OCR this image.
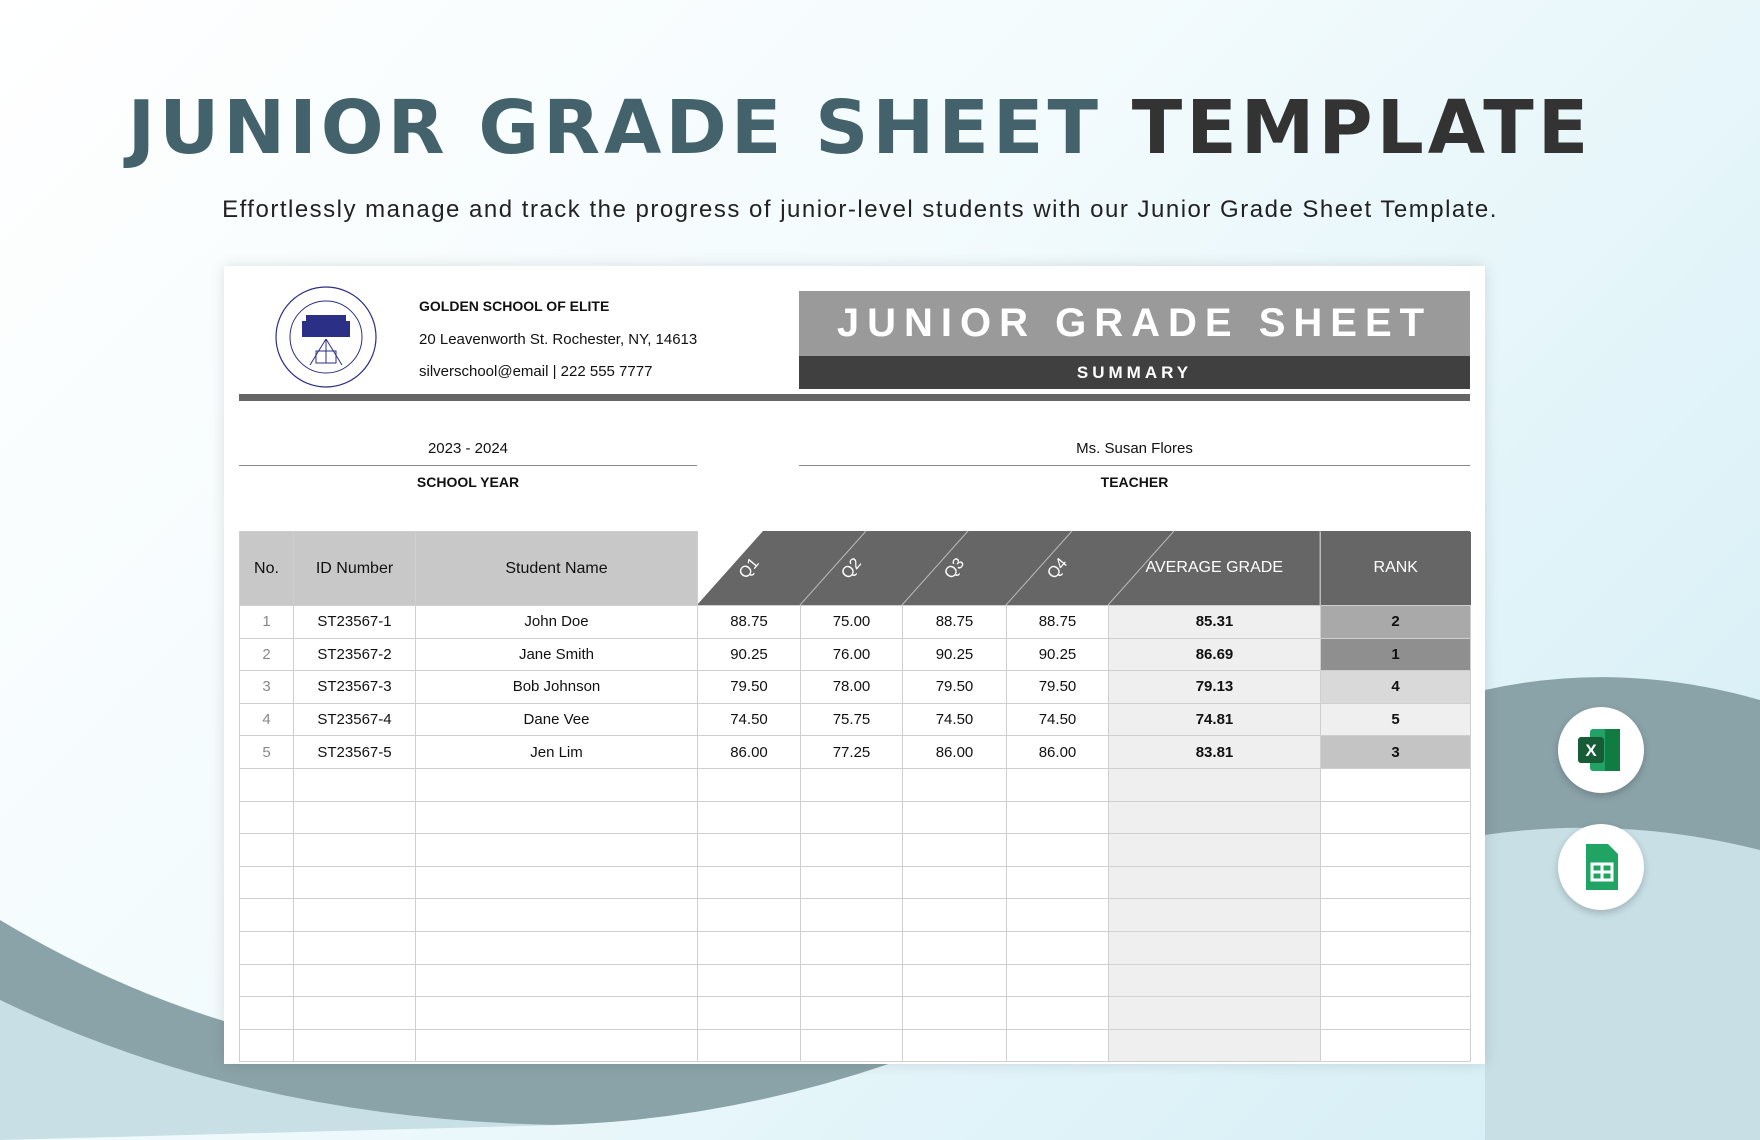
JUNIOR GRADE SHEET TEMPLATE
Effortlessly manage and track the progress of junior-level students with our Junior Grade Sheet Template.
GOLDEN SCHOOL OF ELITE
20 Leavenworth St. Rochester, NY, 14613
silverschool@email | 222 555 7777
JUNIOR GRADE SHEET
SUMMARY
2023 - 2024
SCHOOL YEAR
Ms. Susan Flores
TEACHER
No.	ID Number	Student Name	Q1	Q2	Q3	Q4	AVERAGE GRADE	RANK
1	ST23567-1	John Doe	88.75	75.00	88.75	88.75	85.31	2
2	ST23567-2	Jane Smith	90.25	76.00	90.25	90.25	86.69	1
3	ST23567-3	Bob Johnson	79.50	78.00	79.50	79.50	79.13	4
4	ST23567-4	Dane Vee	74.50	75.75	74.50	74.50	74.81	5
5	ST23567-5	Jen Lim	86.00	77.25	86.00	86.00	83.81	3

									X
